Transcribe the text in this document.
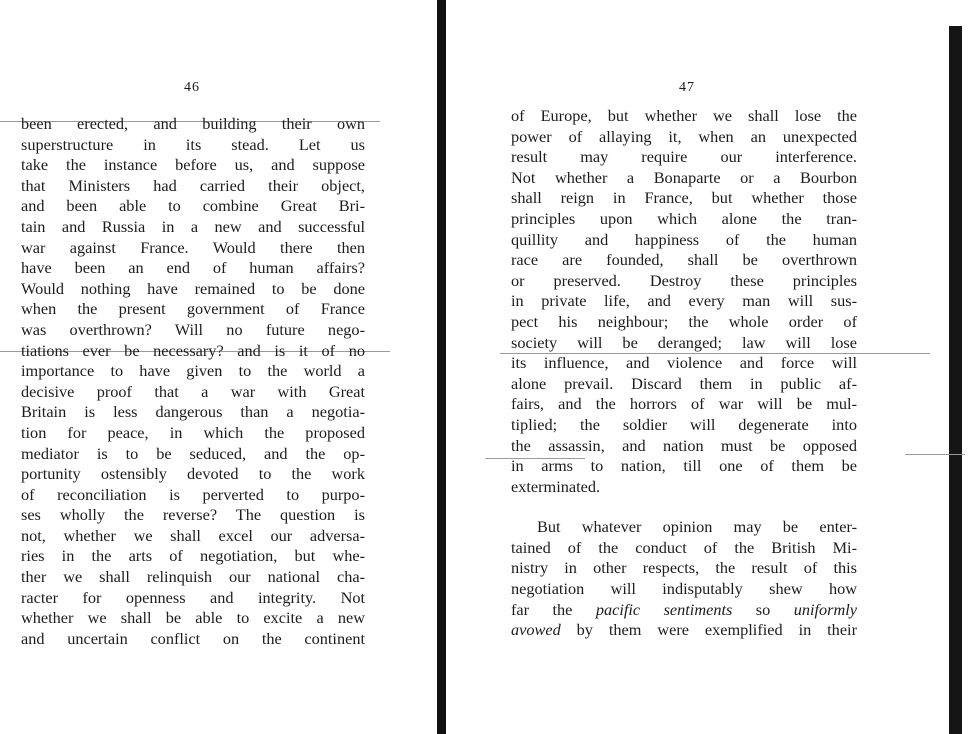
46
been erected, and building their own
superstructure in its stead. Let us
take the instance before us, and suppose
that Ministers had carried their object,
and been able to combine Great Bri-
tain and Russia in a new and successful
war against France. Would there then
have been an end of human affairs?
Would nothing have remained to be done
when the present government of France
was overthrown? Will no future nego-
tiations ever be necessary? and is it of no
importance to have given to the world a
decisive proof that a war with Great
Britain is less dangerous than a negotia-
tion for peace, in which the proposed
mediator is to be seduced, and the op-
portunity ostensibly devoted to the work
of reconciliation is perverted to purpo-
ses wholly the reverse? The question is
not, whether we shall excel our adversa-
ries in the arts of negotiation, but whe-
ther we shall relinquish our national cha-
racter for openness and integrity. Not
whether we shall be able to excite a new
and uncertain conflict on the continent
47
of Europe, but whether we shall lose the
power of allaying it, when an unexpected
result may require our interference.
Not whether a Bonaparte or a Bourbon
shall reign in France, but whether those
principles upon which alone the tran-
quillity and happiness of the human
race are founded, shall be overthrown
or preserved. Destroy these principles
in private life, and every man will sus-
pect his neighbour; the whole order of
society will be deranged; law will lose
its influence, and violence and force will
alone prevail. Discard them in public af-
fairs, and the horrors of war will be mul-
tiplied; the soldier will degenerate into
the assassin, and nation must be opposed
in arms to nation, till one of them be
exterminated.
But whatever opinion may be enter-
tained of the conduct of the British Mi-
nistry in other respects, the result of this
negotiation will indisputably shew how
far the pacific sentiments so uniformly
avowed by them were exemplified in their
